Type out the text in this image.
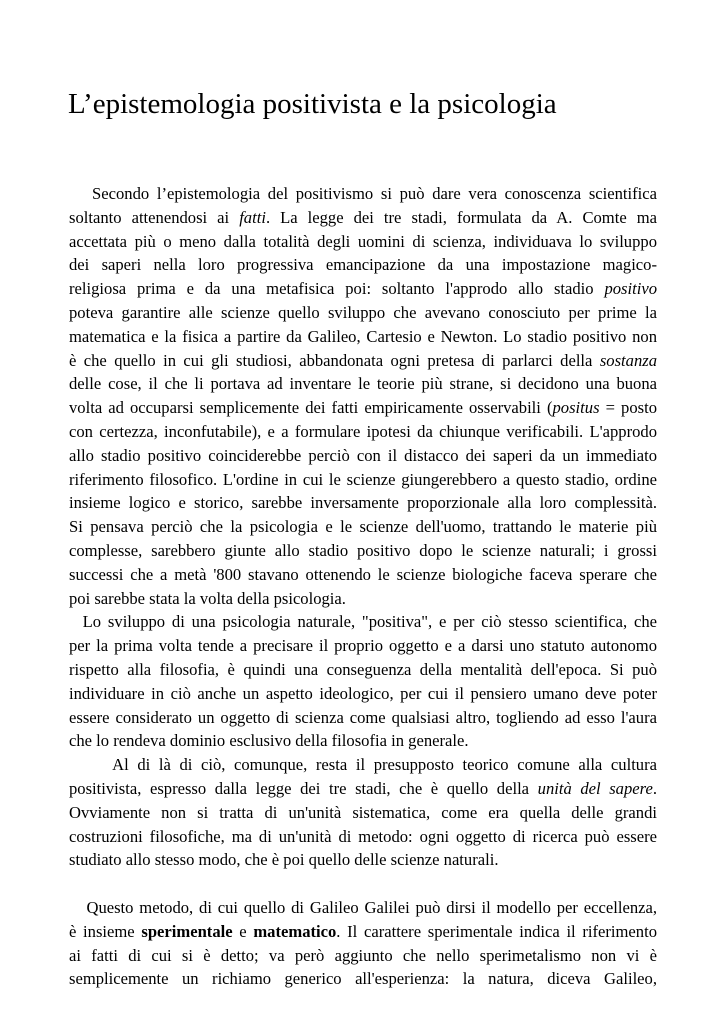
L’epistemologia positivista e la psicologia
Secondo l’epistemologia del positivismo si può dare vera conoscenza scientifica
soltanto attenendosi ai fatti. La legge dei tre stadi, formulata da A. Comte ma
accettata più o meno dalla totalità degli uomini di scienza, individuava lo sviluppo
dei saperi nella loro progressiva emancipazione da una impostazione magico-
religiosa prima e da una metafisica poi: soltanto l'approdo allo stadio positivo
poteva garantire alle scienze quello sviluppo che avevano conosciuto per prime la
matematica e la fisica a partire da Galileo, Cartesio e Newton. Lo stadio positivo non
è che quello in cui gli studiosi, abbandonata ogni pretesa di parlarci della sostanza
delle cose, il che li portava ad inventare le teorie più strane, si decidono una buona
volta ad occuparsi semplicemente dei fatti empiricamente osservabili (positus = posto
con certezza, inconfutabile), e a formulare ipotesi da chiunque verificabili. L'approdo
allo stadio positivo coinciderebbe perciò con il distacco dei saperi da un immediato
riferimento filosofico. L'ordine in cui le scienze giungerebbero a questo stadio, ordine
insieme logico e storico, sarebbe inversamente proporzionale alla loro complessità.
Si pensava perciò che la psicologia e le scienze dell'uomo, trattando le materie più
complesse, sarebbero giunte allo stadio positivo dopo le scienze naturali; i grossi
successi che a metà '800 stavano ottenendo le scienze biologiche faceva sperare che
poi sarebbe stata la volta della psicologia.
Lo sviluppo di una psicologia naturale, "positiva", e per ciò stesso scientifica, che
per la prima volta tende a precisare il proprio oggetto e a darsi uno statuto autonomo
rispetto alla filosofia, è quindi una conseguenza della mentalità dell'epoca. Si può
individuare in ciò anche un aspetto ideologico, per cui il pensiero umano deve poter
essere considerato un oggetto di scienza come qualsiasi altro, togliendo ad esso l'aura
che lo rendeva dominio esclusivo della filosofia in generale.
Al di là di ciò, comunque, resta il presupposto teorico comune alla cultura
positivista, espresso dalla legge dei tre stadi, che è quello della unità del sapere.
Ovviamente non si tratta di un'unità sistematica, come era quella delle grandi
costruzioni filosofiche, ma di un'unità di metodo: ogni oggetto di ricerca può essere
studiato allo stesso modo, che è poi quello delle scienze naturali.
Questo metodo, di cui quello di Galileo Galilei può dirsi il modello per eccellenza,
è insieme sperimentale e matematico. Il carattere sperimentale indica il riferimento
ai fatti di cui si è detto; va però aggiunto che nello sperimetalismo non vi è
semplicemente un richiamo generico all'esperienza: la natura, diceva Galileo,
